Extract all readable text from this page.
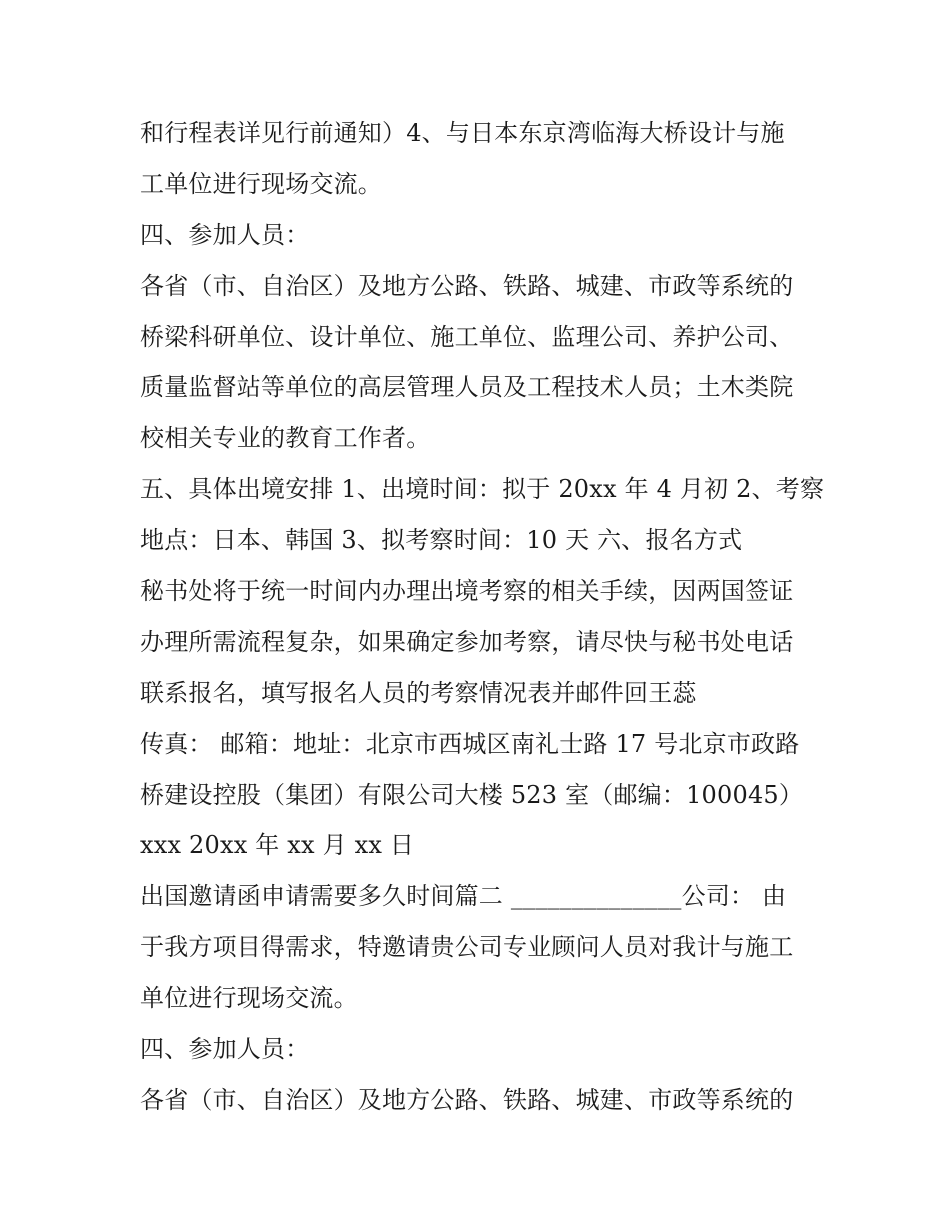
和行程表详见行前通知）4、与日本东京湾临海大桥设计与施
工单位进行现场交流。
四、参加人员：
各省（市、自治区）及地方公路、铁路、城建、市政等系统的
桥梁科研单位、设计单位、施工单位、监理公司、养护公司、
质量监督站等单位的高层管理人员及工程技术人员；土木类院
校相关专业的教育工作者。
五、具体出境安排 1、出境时间：拟于 20xx 年 4 月初 2、考察
地点：日本、韩国 3、拟考察时间：10 天 六、报名方式
秘书处将于统一时间内办理出境考察的相关手续，因两国签证
办理所需流程复杂，如果确定参加考察，请尽快与秘书处电话
联系报名，填写报名人员的考察情况表并邮件回王蕊
传真： 邮箱：地址：北京市西城区南礼士路 17 号北京市政路
桥建设控股（集团）有限公司大楼 523 室（邮编：100045）
xxx 20xx 年 xx 月 xx 日
出国邀请函申请需要多久时间篇二 ______________公司： 由
于我方项目得需求，特邀请贵公司专业顾问人员对我计与施工
单位进行现场交流。
四、参加人员：
各省（市、自治区）及地方公路、铁路、城建、市政等系统的
